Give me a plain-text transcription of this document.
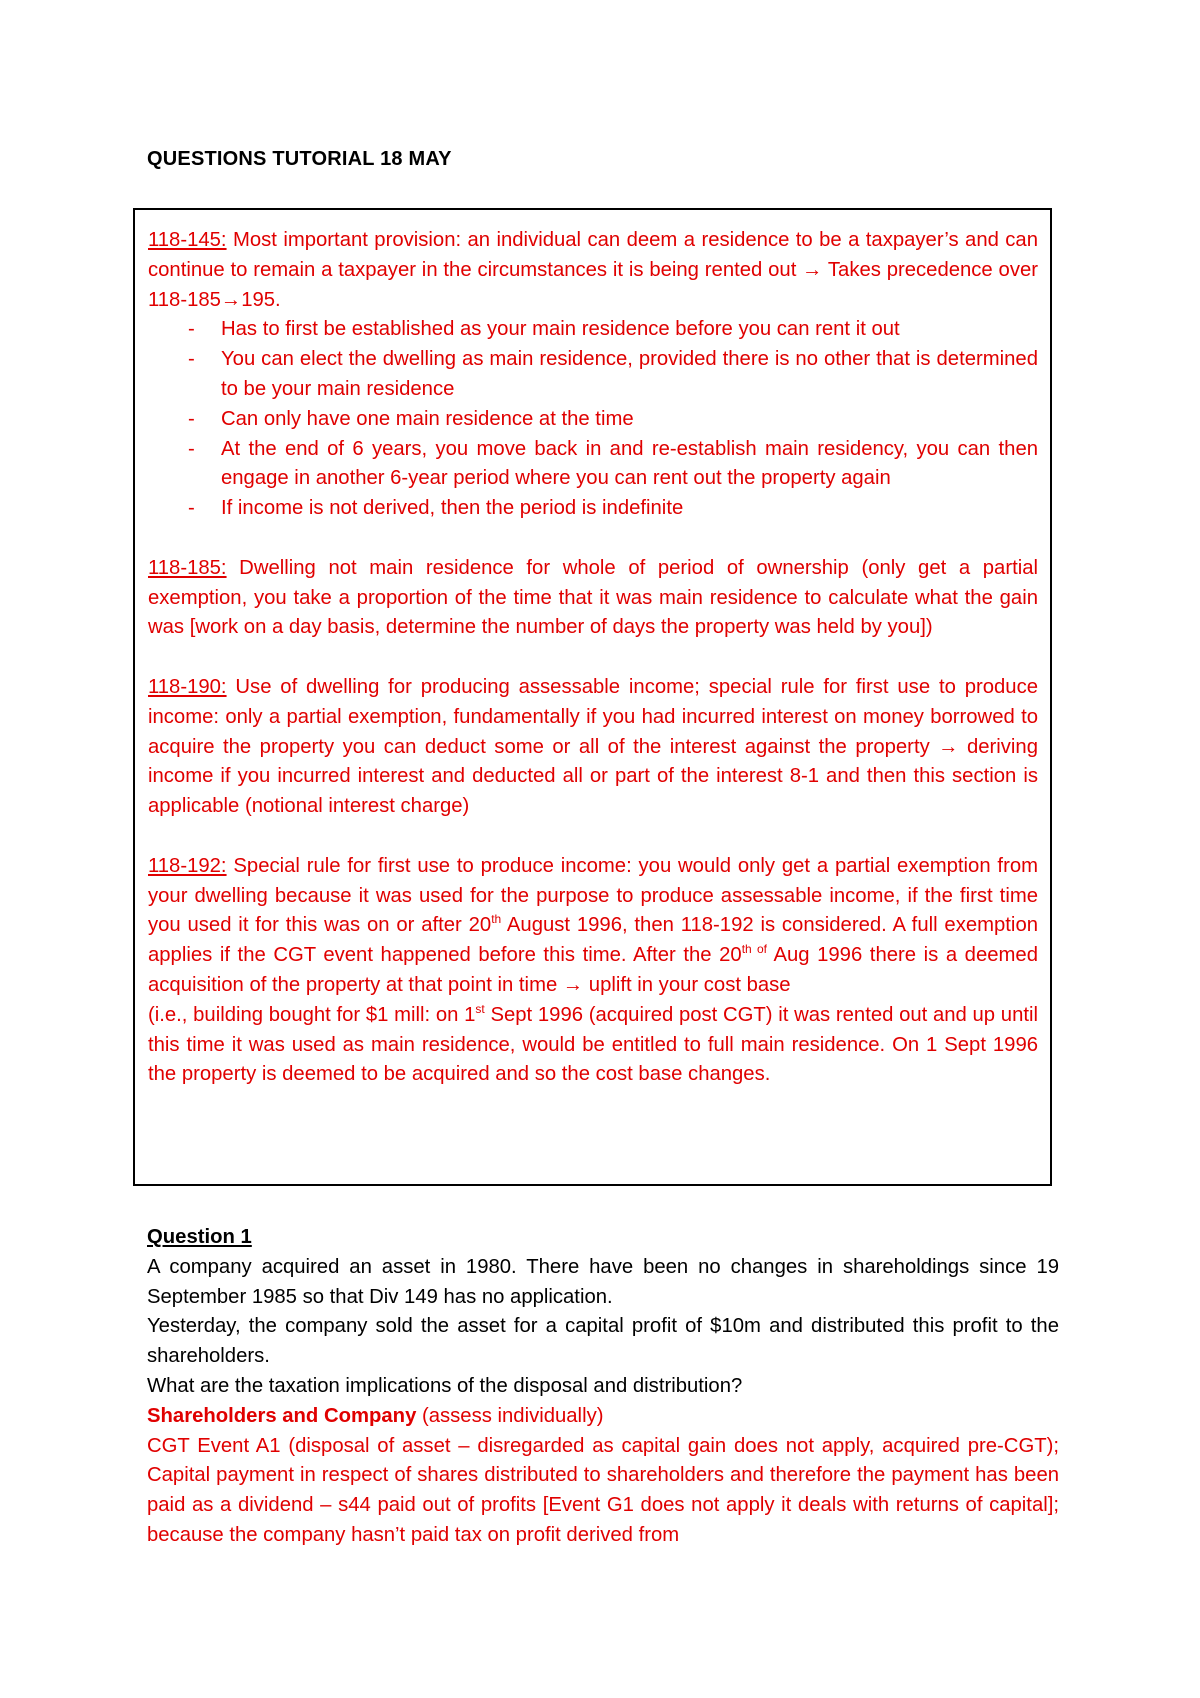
QUESTIONS TUTORIAL 18 MAY

118-145: Most important provision: an individual can deem a residence to be a taxpayer’s and can continue to remain a taxpayer in the circumstances it is being rented out → Takes precedence over 118-185→195.

- Has to first be established as your main residence before you can rent it out
- You can elect the dwelling as main residence, provided there is no other that is determined to be your main residence
- Can only have one main residence at the time
- At the end of 6 years, you move back in and re-establish main residency, you can then engage in another 6-year period where you can rent out the property again
- If income is not derived, then the period is indefinite

118-185: Dwelling not main residence for whole of period of ownership (only get a partial exemption, you take a proportion of the time that it was main residence to calculate what the gain was [work on a day basis, determine the number of days the property was held by you])

118-190: Use of dwelling for producing assessable income; special rule for first use to produce income: only a partial exemption, fundamentally if you had incurred interest on money borrowed to acquire the property you can deduct some or all of the interest against the property → deriving income if you incurred interest and deducted all or part of the interest 8-1 and then this section is applicable (notional interest charge)

118-192: Special rule for first use to produce income: you would only get a partial exemption from your dwelling because it was used for the purpose to produce assessable income, if the first time you used it for this was on or after 20th August 1996, then 118-192 is considered. A full exemption applies if the CGT event happened before this time. After the $20^{th of}$ Aug 1996 there is a deemed acquisition of the property at that point in time → uplift in your cost base

(i.e., building bought for $1 mill: on 1st Sept 1996 (acquired post CGT) it was rented out and up until this time it was used as main residence, would be entitled to full main residence. On 1 Sept 1996 the property is deemed to be acquired and so the cost base changes.

Question 1

A company acquired an asset in 1980. There have been no changes in shareholdings since 19 September 1985 so that Div 149 has no application.

Yesterday, the company sold the asset for a capital profit of $10m and distributed this profit to the shareholders.

What are the taxation implications of the disposal and distribution?

Shareholders and Company (assess individually)

CGT Event A1 (disposal of asset – disregarded as capital gain does not apply, acquired pre-CGT); Capital payment in respect of shares distributed to shareholders and therefore the payment has been paid as a dividend – s44 paid out of profits [Event G1 does not apply it deals with returns of capital]; because the company hasn’t paid tax on profit derived from
